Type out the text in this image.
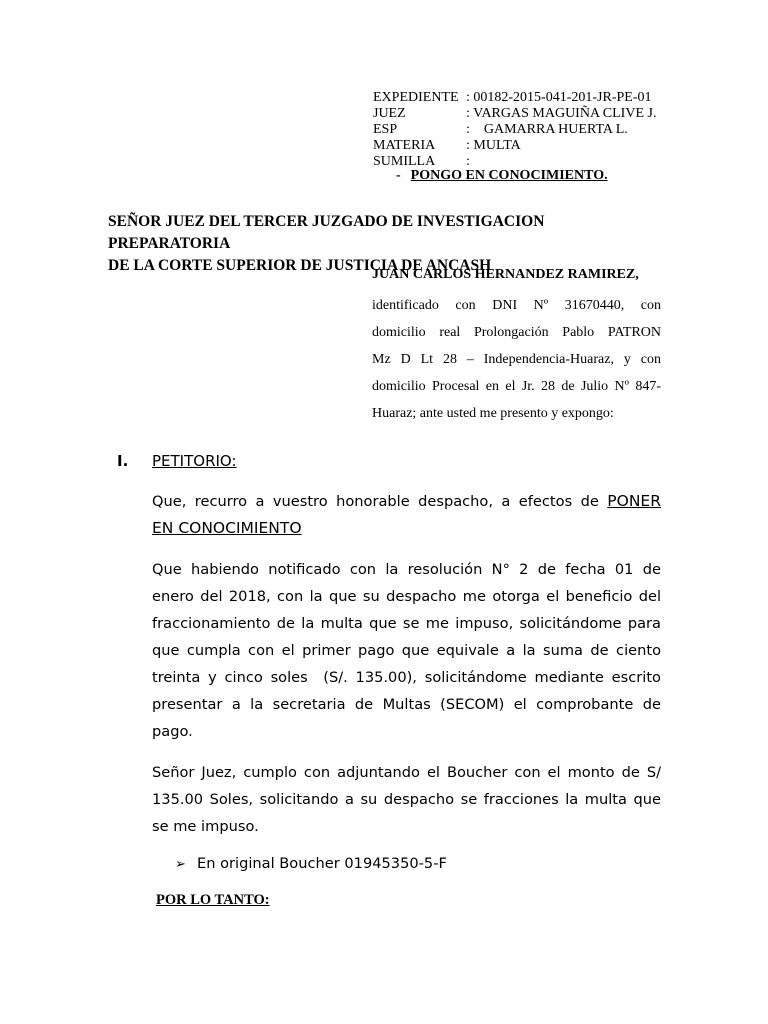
EXPEDIENTE : 00182-2015-041-201-JR-PE-01
JUEZ	: VARGAS MAGUIÑA CLIVE J.
ESP	:    GAMARRA HUERTA L.
MATERIA : MULTA
SUMILLA :
- PONGO EN CONOCIMIENTO.
SEÑOR JUEZ DEL TERCER JUZGADO DE INVESTIGACION PREPARATORIA
DE LA CORTE SUPERIOR DE JUSTICIA DE ANCASH
JUAN CARLOS HERNANDEZ RAMIREZ,
identificado con DNI Nº 31670440, con
domicilio real Prolongación Pablo PATRON
Mz D Lt 28 – Independencia-Huaraz, y con
domicilio Procesal en el Jr. 28 de Julio Nº 847-
Huaraz; ante usted me presento y expongo:
I. PETITORIO:
Que, recurro a vuestro honorable despacho, a efectos de PONER
EN CONOCIMIENTO
Que habiendo notificado con la resolución N° 2 de fecha 01 de
enero del 2018, con la que su despacho me otorga el beneficio del
fraccionamiento de la multa que se me impuso, solicitándome para
que cumpla con el primer pago que equivale a la suma de ciento
treinta y cinco soles  (S/. 135.00), solicitándome mediante escrito
presentar a la secretaria de Multas (SECOM) el comprobante de
pago.
Señor Juez, cumplo con adjuntando el Boucher con el monto de S/
135.00 Soles, solicitando a su despacho se fracciones la multa que
se me impuso.
➢ En original Boucher 01945350-5-F
POR LO TANTO:
